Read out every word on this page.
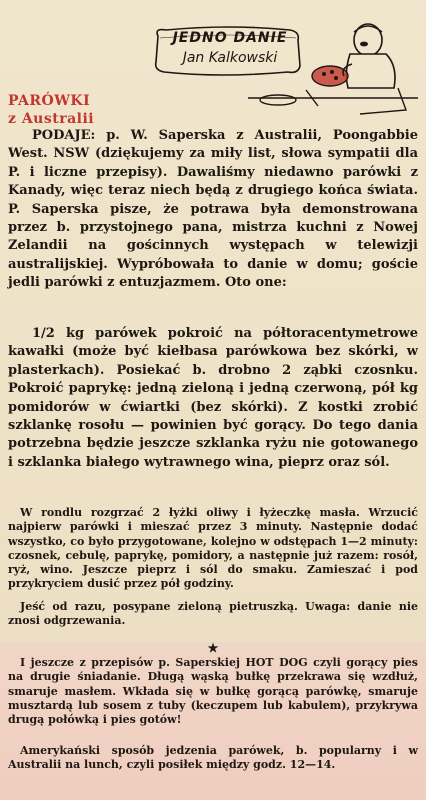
JEDNO DANIE
Jan Kalkowski
PARÓWKI
z Australii
PODAJE: p. W. Saperska z Australii, Poongabbie West. NSW (dziękujemy za miły list, słowa sympatii dla P. i liczne przepisy). Dawaliśmy niedawno parówki z Kanady, więc teraz niech będą z drugiego końca świata. P. Saperska pisze, że potrawa była demonstrowana przez b. przystojnego pana, mistrza kuchni z Nowej Zelandii na gościnnych występach w telewizji australijskiej. Wypróbowała to danie w domu; goście jedli parówki z entuzjazmem. Oto one:
1/2 kg parówek pokroić na półtoracentymetrowe kawałki (może być kiełbasa parówkowa bez skórki, w plasterkach). Posiekać b. drobno 2 ząbki czosnku. Pokroić paprykę: jedną zieloną i jedną czerwoną, pół kg pomidorów w ćwiartki (bez skórki). Z kostki zrobić szklankę rosołu — powinien być gorący. Do tego dania potrzebna będzie jeszcze szklanka ryżu nie gotowanego i szklanka białego wytrawnego wina, pieprz oraz sól.
W rondlu rozgrzać 2 łyżki oliwy i łyżeczkę masła. Wrzucić najpierw parówki i mieszać przez 3 minuty. Następnie dodać wszystko, co było przygotowane, kolejno w odstępach 1—2 minuty: czosnek, cebulę, paprykę, pomidory, a następnie już razem: rosół, ryż, wino. Jeszcze pieprz i sól do smaku. Zamieszać i pod przykryciem dusić przez pół godziny.
Jeść od razu, posypane zieloną pietruszką. Uwaga: danie nie znosi odgrzewania.
★
I jeszcze z przepisów p. Saperskiej HOT DOG czyli gorący pies na drugie śniadanie. Długą wąską bułkę przekrawa się wzdłuż, smaruje masłem. Wkłada się w bułkę gorącą parówkę, smaruje musztardą lub sosem z tuby (keczupem lub kabulem), przykrywa drugą połówką i pies gotów!
Amerykański sposób jedzenia parówek, b. popularny i w Australii na lunch, czyli posiłek między godz. 12—14.
